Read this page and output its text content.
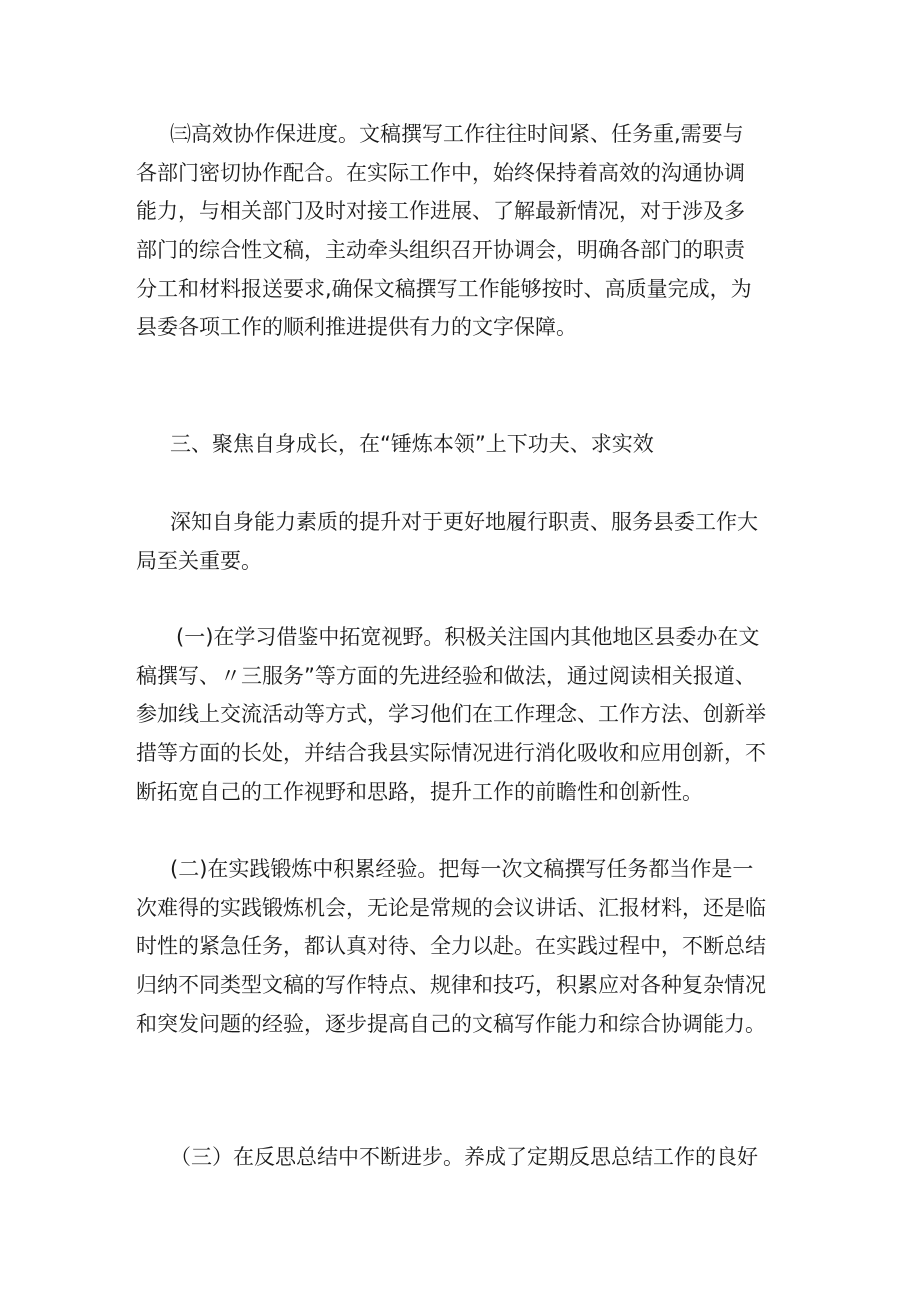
㈢高效协作保进度。文稿撰写工作往往时间紧、任务重,需要与
各部门密切协作配合。在实际工作中，始终保持着高效的沟通协调
能力，与相关部门及时对接工作进展、了解最新情况，对于涉及多
部门的综合性文稿，主动牵头组织召开协调会，明确各部门的职责
分工和材料报送要求,确保文稿撰写工作能够按时、高质量完成，为
县委各项工作的顺利推进提供有力的文字保障。
三、聚焦自身成长，在“锤炼本领”上下功夫、求实效
深知自身能力素质的提升对于更好地履行职责、服务县委工作大
局至关重要。
(一)在学习借鉴中拓宽视野。积极关注国内其他地区县委办在文
稿撰写、〃三服务”等方面的先进经验和做法，通过阅读相关报道、
参加线上交流活动等方式，学习他们在工作理念、工作方法、创新举
措等方面的长处，并结合我县实际情况进行消化吸收和应用创新，不
断拓宽自己的工作视野和思路，提升工作的前瞻性和创新性。
(二)在实践锻炼中积累经验。把每一次文稿撰写任务都当作是一
次难得的实践锻炼机会，无论是常规的会议讲话、汇报材料，还是临
时性的紧急任务，都认真对待、全力以赴。在实践过程中，不断总结
归纳不同类型文稿的写作特点、规律和技巧，积累应对各种复杂情况
和突发问题的经验，逐步提高自己的文稿写作能力和综合协调能力。
（三）在反思总结中不断进步。养成了定期反思总结工作的良好
